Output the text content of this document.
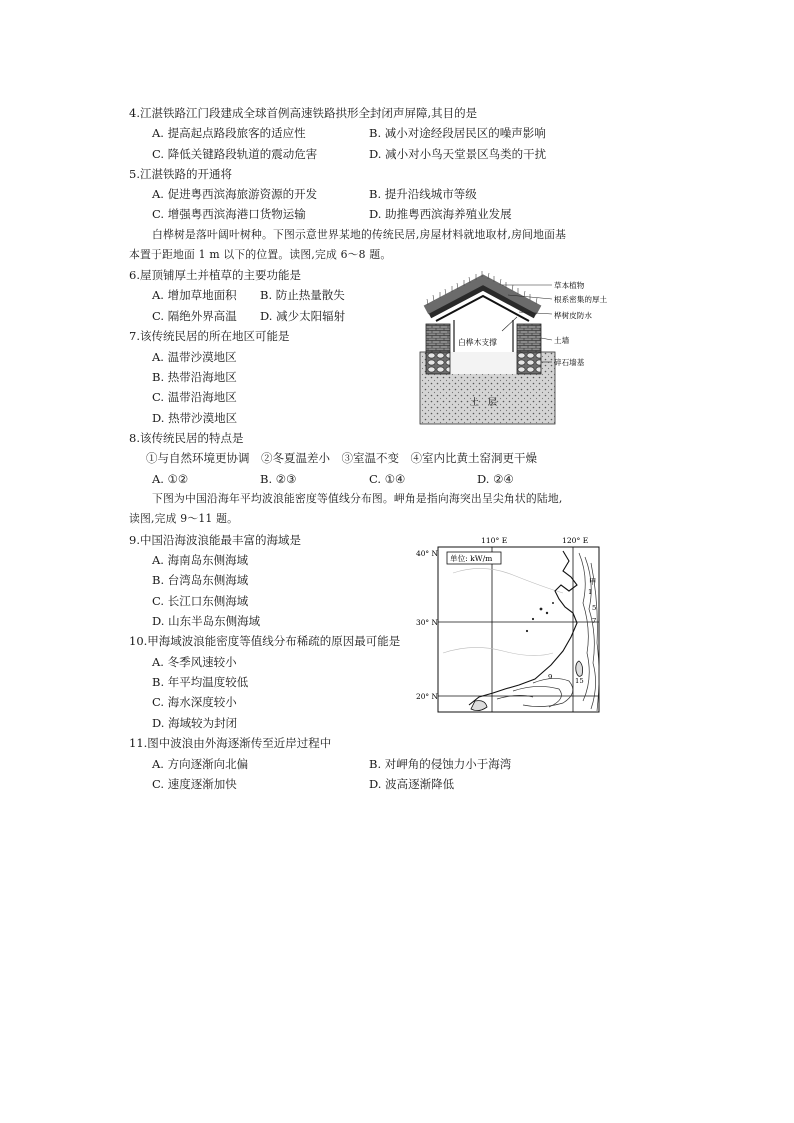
4.江湛铁路江门段建成全球首例高速铁路拱形全封闭声屏障,其目的是
A. 提高起点路段旅客的适应性	B. 减小对途经段居民区的噪声影响
C. 降低关键路段轨道的震动危害	D. 减小对小鸟天堂景区鸟类的干扰
5.江湛铁路的开通将
A. 促进粤西滨海旅游资源的开发	B. 提升沿线城市等级
C. 增强粤西滨海港口货物运输	D. 助推粤西滨海养殖业发展
白桦树是落叶阔叶树种。下图示意世界某地的传统民居,房屋材料就地取材,房间地面基
本置于距地面 1 m 以下的位置。读图,完成 6～8 题。
6.屋顶铺厚土并植草的主要功能是
A. 增加草地面积 B. 防止热量散失
C. 隔绝外界高温 D. 减少太阳辐射
7.该传统民居的所在地区可能是
A. 温带沙漠地区
B. 热带沿海地区
C. 温带沿海地区
D. 热带沙漠地区
8.该传统民居的特点是
①与自然环境更协调　②冬夏温差小　③室温不变　④室内比黄土窑洞更干燥
A. ①②	B. ②③	C. ①④	D. ②④
下图为中国沿海年平均波浪能密度等值线分布图。岬角是指向海突出呈尖角状的陆地,
读图,完成 9～11 题。
9.中国沿海波浪能最丰富的海域是
A. 海南岛东侧海域
B. 台湾岛东侧海域
C. 长江口东侧海域
D. 山东半岛东侧海域
10.甲海域波浪能密度等值线分布稀疏的原因最可能是
A. 冬季风速较小
B. 年平均温度较低
C. 海水深度较小
D. 海域较为封闭
11.图中波浪由外海逐渐传至近岸过程中
A. 方向逐渐向北偏	B. 对岬角的侵蚀力小于海湾
C. 速度逐渐加快	D. 波高逐渐降低
草本植物
根系密集的厚土
桦树皮防水
白桦木支撑	土墙
碎石墙基
土　层
单位: kW/m
110° E	120° E
40° N
30° N
20° N
甲
1
5
7
9	15
